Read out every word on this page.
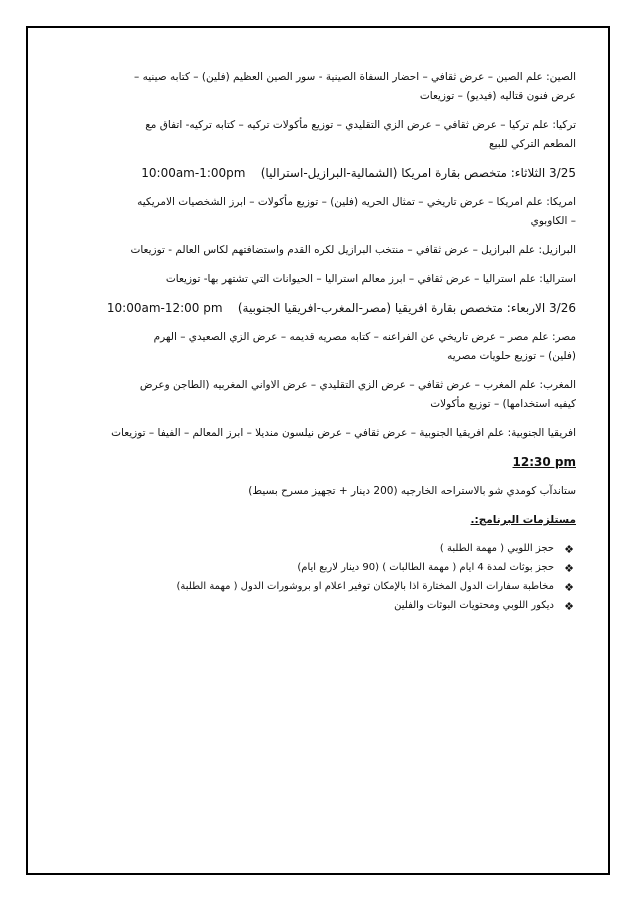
الصين: علم الصين – عرض ثقافي – احضار السفاة الصينية - سور الصين العظيم (فلين) – كتابه صينيه –
عرض فنون قتاليه (فيديو) – توزيعات
تركيا: علم تركيا – عرض ثقافي – عرض الزي التقليدي – توزيع مأكولات تركيه – كتابه تركيه- اتفاق مع
المطعم التركي للبيع
3/25 الثلاثاء: متخصص بقارة امريكا (الشمالية-البرازيل-استراليا)    10:00am-1:00pm
امريكا: علم امريكا – عرض تاريخي – تمثال الحريه (فلين) – توزيع مأكولات – ابرز الشخصيات الامريكيه
– الكاوبوي
البرازيل: علم البرازيل – عرض ثقافي – منتخب البرازيل لكره القدم واستضافتهم لكاس العالم - توزيعات
استراليا: علم استراليا – عرض ثقافي – ابرز معالم استراليا – الحيوانات التي تشتهر بها- توزيعات
3/26 الاربعاء: متخصص بقارة افريقيا (مصر-المغرب-افريقيا الجنوبية)    10:00am-12:00 pm
مصر: علم مصر – عرض تاريخي عن الفراعنه – كتابه مصريه قديمه – عرض الزي الصعيدي – الهرم
(فلين) – توزيع حلويات مصريه
المغرب: علم المغرب – عرض ثقافي – عرض الزي التقليدي – عرض الاواني المغربيه (الطاجن وعرض
كيفيه استخدامها) – توزيع مأكولات
افريقيا الجنوبية: علم افريقيا الجنوبية – عرض ثقافي – عرض نيلسون منديلا – ابرز المعالم – الفيفا – توزيعات
12:30 pm
ستاندآب كومدي شو بالاستراحه الخارجيه (200 دينار + تجهيز مسرح بسيط)
مستلزمات البرنامج:.
❖
حجز اللوبي ( مهمة الطلبة )
❖
حجز بوثات لمدة 4 ايام ( مهمة الطالبات ) (90 دينار لاربع ايام)
❖
مخاطبة سفارات الدول المختارة اذا بالإمكان توفير اعلام او بروشورات الدول ( مهمة الطلبة)
❖
ديكور اللوبي ومحتويات البوثات والفلين
